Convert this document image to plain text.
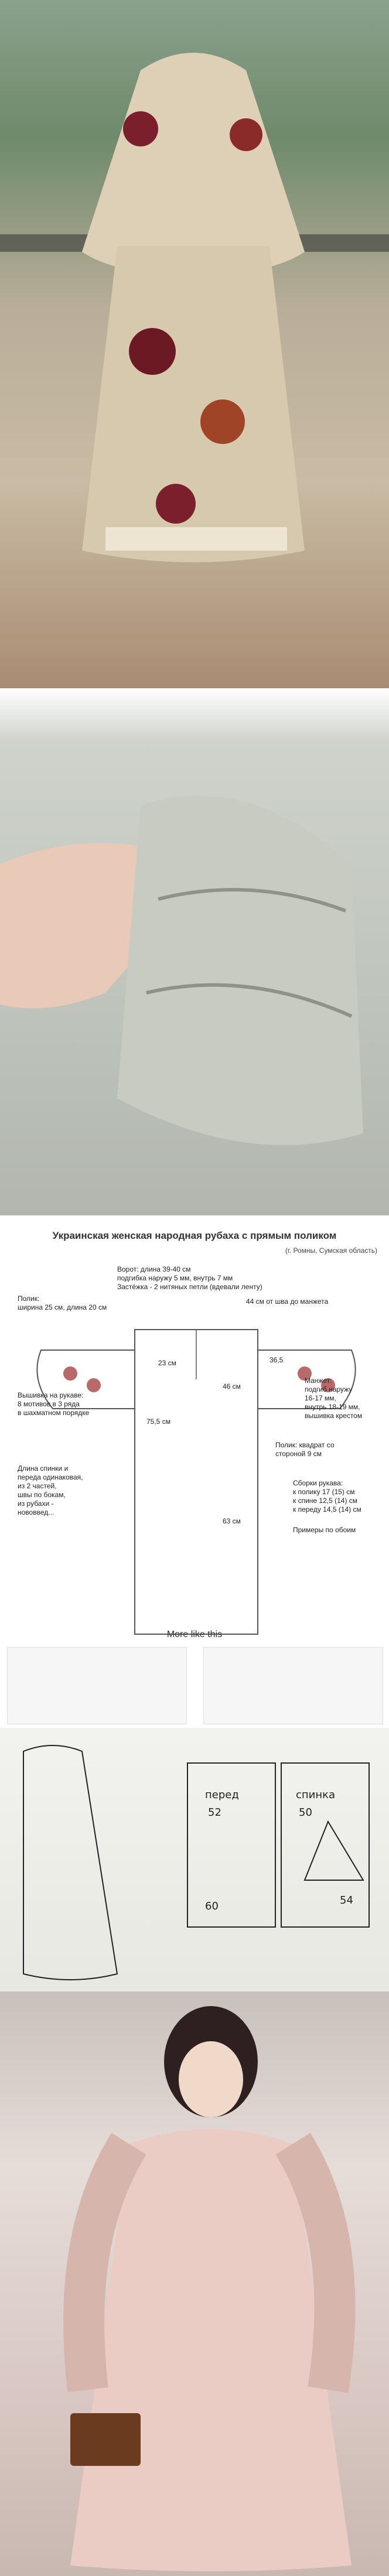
Украинская женская народная рубаха с прямым поликом
(г. Ромны, Сумская область)
Ворот: длина 39-40 см
подгибка наружу 5 мм, внутрь 7 мм
Застёжка - 2 нитяных петли (вдевали ленту)
Полик:
ширина 25 см, длина 20 см
Вышивка на рукаве:
8 мотивов в 3 ряда
в шахматном порядке
Манжет:
подгиб наружу
16-17 мм,
внутрь 18-19 мм,
вышивка крестом
Длина спинки и
переда одинаковая,
из 2 частей,
швы по бокам,
из рубахи -
нововвед...
Сборки рукава:
к полику 17 (15) см
к спине 12,5 (14) см
к переду 14,5 (14) см
Примеры по обоим
Полик: квадрат со
стороной 9 см
44 см от шва до манжета
23 см
46 см
36,5
75,5 см
63 см
More like this
перед	спинка
52	50
60	54
